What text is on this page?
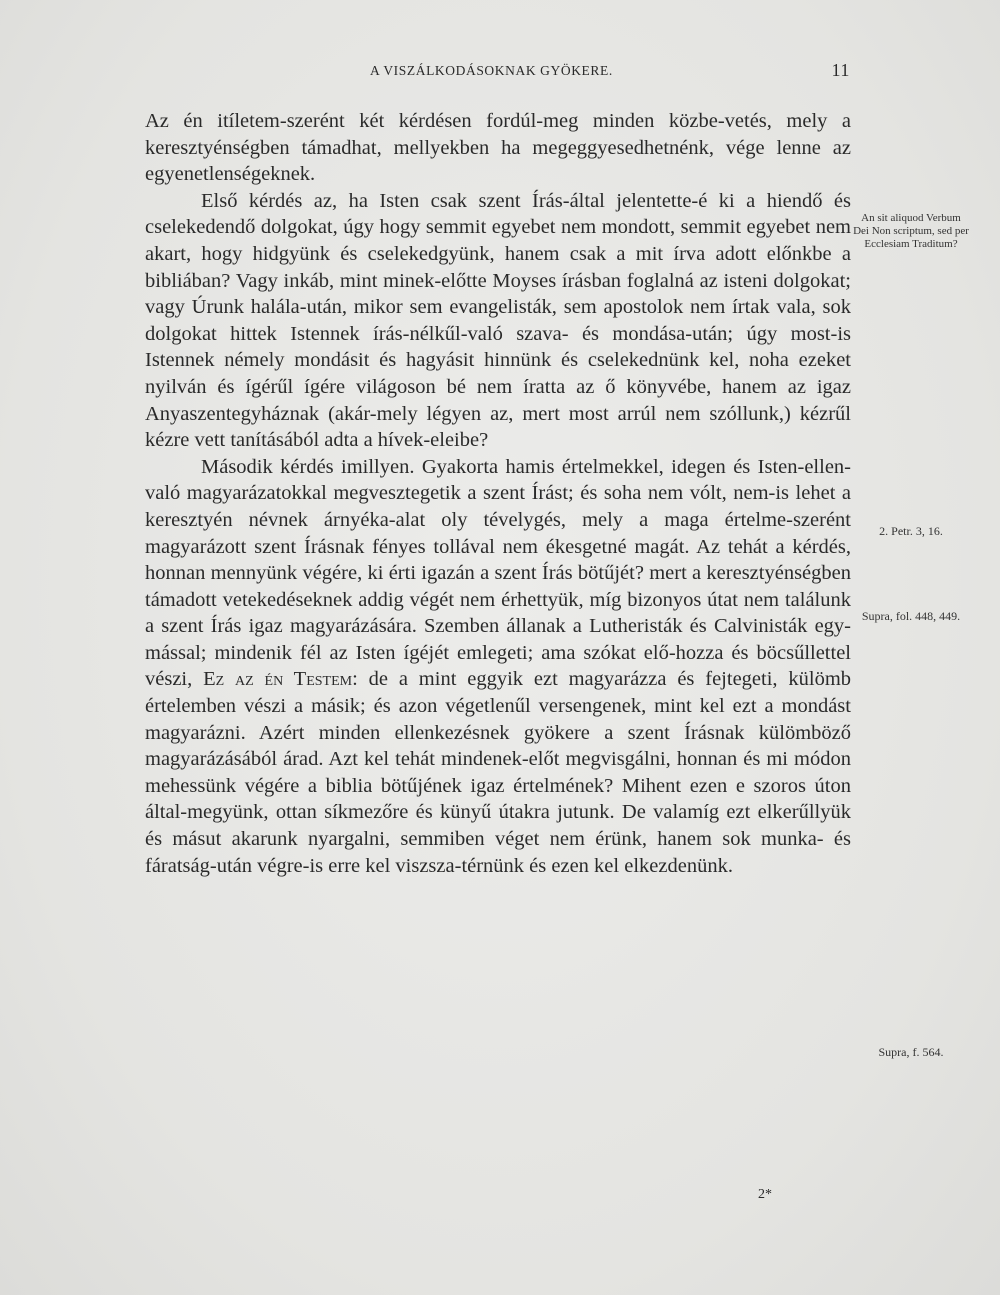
A VISZÁLKODÁSOKNAK GYÖKERE.	11

Az én itíletem-szerént két kérdésen fordúl-meg minden közbe-vetés, mely a keresztyénségben támadhat, mellyekben ha megeggyesedhetnénk, vége lenne az egyenetlenségeknek.

Első kérdés az, ha Isten csak szent Írás-által jelentette-é ki a hiendő és cselekedendő dolgokat, úgy hogy semmit egyebet nem mondott, semmit egyebet nem akart, hogy hidgyünk és cselekedgyünk, hanem csak a mit írva adott előnkbe a bibliában? Vagy inkáb, mint minek-előtte Moyses írásban foglalná az isteni dolgokat; vagy Úrunk halála-után, mikor sem evangelisták, sem apostolok nem írtak vala, sok dolgokat hittek Istennek írás-nélkűl-való szava- és mondása-után; úgy most-is Istennek némely mondásit és hagyásit hinnünk és cselekednünk kel, noha ezeket nyilván és ígérűl ígére világoson bé nem íratta az ő könyvébe, hanem az igaz Anyaszentegyháznak (akár-mely légyen az, mert most arrúl nem szóllunk,) kézrűl kézre vett tanításából adta a hívek-eleibe?

Második kérdés imillyen. Gyakorta hamis értelmekkel, idegen és Isten-ellen-való magyarázatokkal megvesztegetik a szent Írást; és soha nem vólt, nem-is lehet a keresztyén névnek árnyéka-alat oly tévelygés, mely a maga értelme-szerént magyarázott szent Írásnak fényes tollával nem ékesgetné magát. Az tehát a kérdés, honnan mennyünk végére, ki érti igazán a szent Írás bötűjét? mert a keresztyénségben támadott vetekedéseknek addig végét nem érhettyük, míg bizonyos útat nem találunk a szent Írás igaz magyarázására. Szemben állanak a Lutheristák és Calvinisták egy-mással; mindenik fél az Isten ígéjét emlegeti; ama szókat elő-hozza és böcsűllettel vészi, Ez az én Testem: de a mint eggyik ezt magyarázza és fejtegeti, külömb értelemben vészi a másik; és azon végetlenűl versengenek, mint kel ezt a mondást magyarázni. Azért minden ellenkezésnek gyökere a szent Írásnak külömböző magyarázásából árad. Azt kel tehát mindenek-előt megvisgálni, honnan és mi módon mehessünk végére a biblia bötűjének igaz értelmének? Mihent ezen e szoros úton által-megyünk, ottan síkmezőre és künyű útakra jutunk. De valamíg ezt elkerűllyük és másut akarunk nyargalni, semmiben véget nem érünk, hanem sok munka- és fáratság-után végre-is erre kel viszsza-térnünk és ezen kel elkezdenünk.

An sit aliquod Verbum Dei Non scriptum, sed per Ecclesiam Traditum?
2. Petr. 3, 16.
Supra, fol. 448, 449.
Supra, f. 564.
2*
